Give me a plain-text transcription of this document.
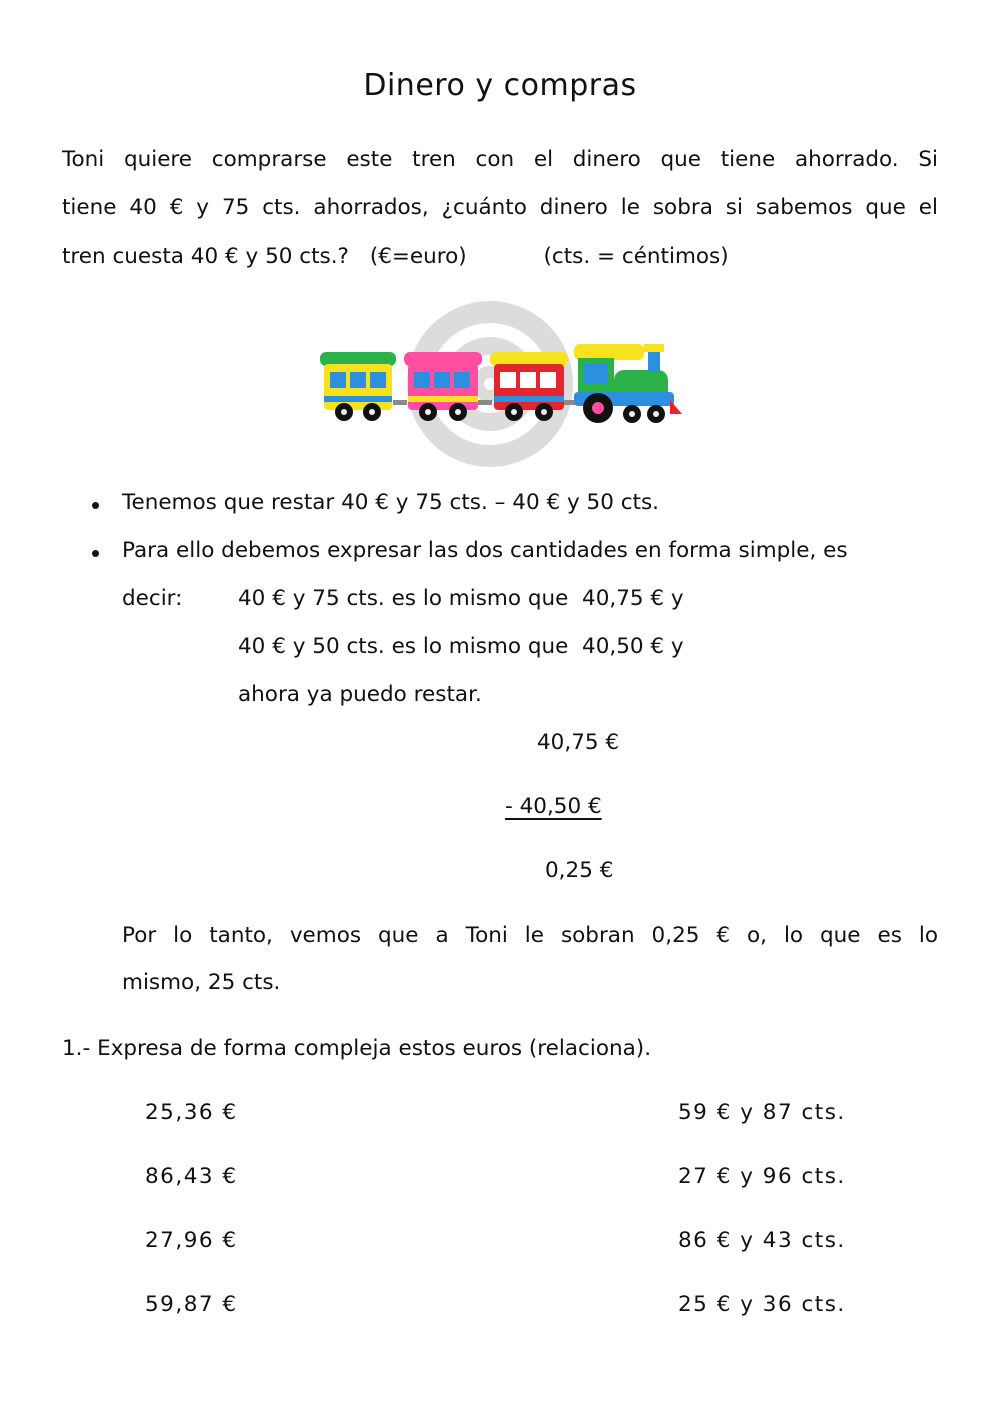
Dinero y compras

Toni quiere comprarse este tren con el dinero que tiene ahorrado. Si

tiene 40 € y 75 cts. ahorrados, ¿cuánto dinero le sobra si sabemos que el

tren cuesta 40 € y 50 cts.? (€=euro)	(cts. = céntimos)
Tenemos que restar 40 € y 75 cts. – 40 € y 50 cts.
Para ello debemos expresar las dos cantidades en forma simple, es
decir:	40 € y 75 cts. es lo mismo que  40,75 € y
40 € y 50 cts. es lo mismo que  40,50 € y
ahora ya puedo restar.
40,75 €
- 40,50 €
0,25 €

Por lo tanto, vemos que a Toni le sobran 0,25 € o, lo que es lo

mismo, 25 cts.
1.- Expresa de forma compleja estos euros (relaciona).
25,36 €
86,43 €
27,96 €
59,87 €
59 € y 87 cts.
27 € y 96 cts.
86 € y 43 cts.
25 € y 36 cts.
